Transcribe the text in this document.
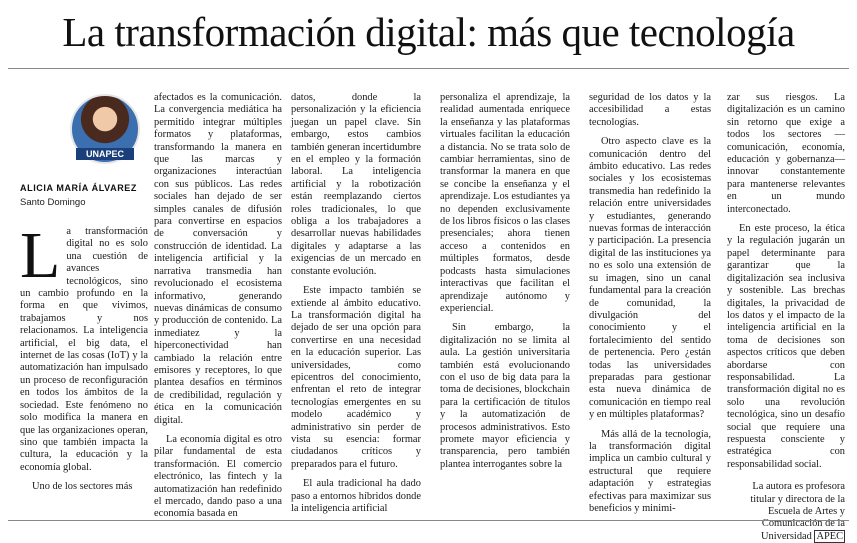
La transformación digital: más que tecnología
UNAPEC
ALICIA MARÍA ÁLVAREZ
Santo Domingo

La transformación digital no es solo una cuestión de avances tecnológicos, sino un cambio profundo en la forma en que vivimos, trabajamos y nos relacionamos. La inteligencia artificial, el big data, el internet de las cosas (IoT) y la automatización han impulsado un proceso de reconfiguración en todos los ámbitos de la sociedad. Este fenómeno no solo modifica la manera en que las organizaciones operan, sino que también impacta la cultura, la educación y la economía global.

Uno de los sectores más

afectados es la comunicación. La convergencia mediática ha permitido integrar múltiples formatos y plataformas, transformando la manera en que las marcas y organizaciones interactúan con sus públicos. Las redes sociales han dejado de ser simples canales de difusión para convertirse en espacios de conversación y construcción de identidad. La inteligencia artificial y la narrativa transmedia han revolucionado el ecosistema informativo, generando nuevas dinámicas de consumo y producción de contenido. La inmediatez y la hiperconectividad han cambiado la relación entre emisores y receptores, lo que plantea desafíos en términos de credibilidad, regulación y ética en la comunicación digital.

La economía digital es otro pilar fundamental de esta transformación. El comercio electrónico, las fintech y la automatización han redefinido el mercado, dando paso a una economía basada en

datos, donde la personalización y la eficiencia juegan un papel clave. Sin embargo, estos cambios también generan incertidumbre en el empleo y la formación laboral. La inteligencia artificial y la robotización están reemplazando ciertos roles tradicionales, lo que obliga a los trabajadores a desarrollar nuevas habilidades digitales y adaptarse a las exigencias de un mercado en constante evolución.

Este impacto también se extiende al ámbito educativo. La transformación digital ha dejado de ser una opción para convertirse en una necesidad en la educación superior. Las universidades, como epicentros del conocimiento, enfrentan el reto de integrar tecnologías emergentes en su modelo académico y administrativo sin perder de vista su esencia: formar ciudadanos críticos y preparados para el futuro.

El aula tradicional ha dado paso a entornos híbridos donde la inteligencia artificial

personaliza el aprendizaje, la realidad aumentada enriquece la enseñanza y las plataformas virtuales facilitan la educación a distancia. No se trata solo de cambiar herramientas, sino de transformar la manera en que se concibe la enseñanza y el aprendizaje. Los estudiantes ya no dependen exclusivamente de los libros físicos o las clases presenciales; ahora tienen acceso a contenidos en múltiples formatos, desde podcasts hasta simulaciones interactivas que facilitan el aprendizaje autónomo y experiencial.

Sin embargo, la digitalización no se limita al aula. La gestión universitaria también está evolucionando con el uso de big data para la toma de decisiones, blockchain para la certificación de títulos y la automatización de procesos administrativos. Esto promete mayor eficiencia y transparencia, pero también plantea interrogantes sobre la

seguridad de los datos y la accesibilidad a estas tecnologías.

Otro aspecto clave es la comunicación dentro del ámbito educativo. Las redes sociales y los ecosistemas transmedia han redefinido la relación entre universidades y estudiantes, generando nuevas formas de interacción y participación. La presencia digital de las instituciones ya no es solo una extensión de su imagen, sino un canal fundamental para la creación de comunidad, la divulgación del conocimiento y el fortalecimiento del sentido de pertenencia. Pero ¿están todas las universidades preparadas para gestionar esta nueva dinámica de comunicación en tiempo real y en múltiples plataformas?

Más allá de la tecnología, la transformación digital implica un cambio cultural y estructural que requiere adaptación y estrategias efectivas para maximizar sus beneficios y minimi-

zar sus riesgos. La digitalización es un camino sin retorno que exige a todos los sectores —comunicación, economía, educación y gobernanza— innovar constantemente para mantenerse relevantes en un mundo interconectado.

En este proceso, la ética y la regulación jugarán un papel determinante para garantizar que la digitalización sea inclusiva y sostenible. Las brechas digitales, la privacidad de los datos y el impacto de la inteligencia artificial en la toma de decisiones son aspectos críticos que deben abordarse con responsabilidad. La transformación digital no es solo una revolución tecnológica, sino un desafío social que requiere una respuesta consciente y estratégica con responsabilidad social.

La autora es profesora titular y directora de la Escuela de Artes y Comunicación de la Universidad APEC
